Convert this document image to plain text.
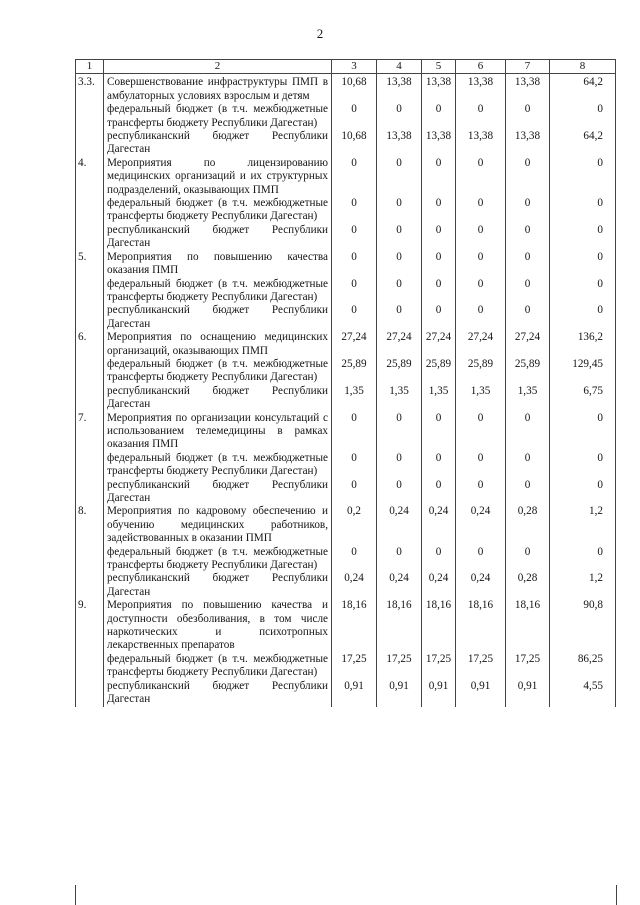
2
1	2	3	4	5	6	7	8
3.3.	Совершенствование инфраструктуры ПМП в амбулаторных условиях взрослым и детям	10,68	13,38	13,38	13,38	13,38	64,2
	федеральный бюджет (в т.ч. межбюджетные трансферты бюджету Республики Дагестан)	0	0	0	0	0	0
	республиканский бюджет Республики Дагестан	10,68	13,38	13,38	13,38	13,38	64,2
4.	Мероприятия по лицензированию медицинских организаций и их структурных подразделений, оказывающих ПМП	0	0	0	0	0	0
	федеральный бюджет (в т.ч. межбюджетные трансферты бюджету Республики Дагестан)	0	0	0	0	0	0
	республиканский бюджет Республики Дагестан	0	0	0	0	0	0
5.	Мероприятия по повышению качества оказания ПМП	0	0	0	0	0	0
	федеральный бюджет (в т.ч. межбюджетные трансферты бюджету Республики Дагестан)	0	0	0	0	0	0
	республиканский бюджет Республики Дагестан	0	0	0	0	0	0
6.	Мероприятия по оснащению медицинских организаций, оказывающих ПМП	27,24	27,24	27,24	27,24	27,24	136,2
	федеральный бюджет (в т.ч. межбюджетные трансферты бюджету Республики Дагестан)	25,89	25,89	25,89	25,89	25,89	129,45
	республиканский бюджет Республики Дагестан	1,35	1,35	1,35	1,35	1,35	6,75
7.	Мероприятия по организации консультаций с использованием телемедицины в рамках оказания ПМП	0	0	0	0	0	0
	федеральный бюджет (в т.ч. межбюджетные трансферты бюджету Республики Дагестан)	0	0	0	0	0	0
	республиканский бюджет Республики Дагестан	0	0	0	0	0	0
8.	Мероприятия по кадровому обеспечению и обучению медицинских работников, задействованных в оказании ПМП	0,2	0,24	0,24	0,24	0,28	1,2
	федеральный бюджет (в т.ч. межбюджетные трансферты бюджету Республики Дагестан)	0	0	0	0	0	0
	республиканский бюджет Республики Дагестан	0,24	0,24	0,24	0,24	0,28	1,2
9.	Мероприятия по повышению качества и доступности обезболивания, в том числе наркотических и психотропных лекарственных препаратов	18,16	18,16	18,16	18,16	18,16	90,8
	федеральный бюджет (в т.ч. межбюджетные трансферты бюджету Республики Дагестан)	17,25	17,25	17,25	17,25	17,25	86,25
	республиканский бюджет Республики Дагестан	0,91	0,91	0,91	0,91	0,91	4,55
